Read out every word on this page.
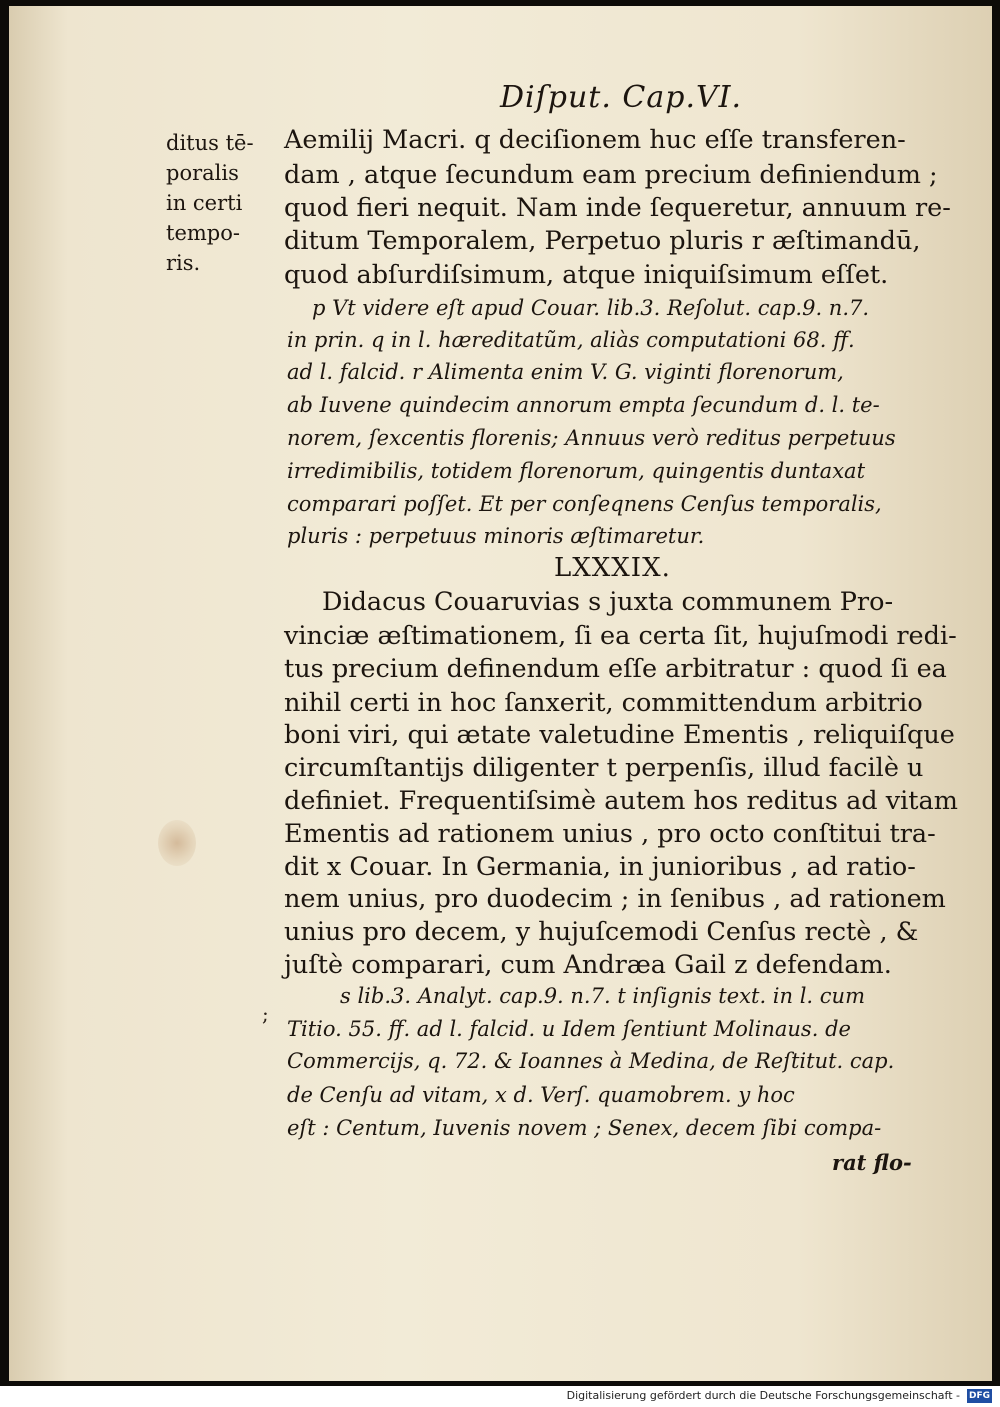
Diſput. Cap.VI.

ditus tē-
poralis
in certi
tempo-
ris.

Aemilij Macri. q deciſionem huc eſſe transferen-

dam , atque ſecundum eam precium definiendum ;

quod fieri nequit. Nam inde ſequeretur, annuum re-

ditum Temporalem, Perpetuo pluris r æſtimandū,

quod abſurdiſsimum, atque iniquiſsimum eſſet.

p Vt videre eſt apud Couar. lib.3. Reſolut. cap.9. n.7.

in prin. q in l. hæreditatũm, aliàs computationi 68. ff.

ad l. falcid. r Alimenta enim V. G. viginti florenorum,

ab Iuvene quindecim annorum empta ſecundum d. l. te-

norem, ſexcentis florenis; Annuus verò reditus perpetuus

irredimibilis, totidem florenorum, quingentis duntaxat

comparari poſſet. Et per conſeqnens Cenſus temporalis,

pluris : perpetuus minoris æſtimaretur.

LXXXIX.

Didacus Couaruvias s juxta communem Pro-

vinciæ æſtimationem, ſi ea certa ſit, hujuſmodi redi-

tus precium definendum eſſe arbitratur : quod ſi ea

nihil certi in hoc ſanxerit, committendum arbitrio

boni viri, qui ætate valetudine Ementis , reliquiſque

circumſtantijs diligenter t perpenſis, illud facilè u

definiet. Frequentiſsimè autem hos reditus ad vitam

Ementis ad rationem unius , pro octo conſtitui tra-

dit x Couar. In Germania, in junioribus , ad ratio-

nem unius, pro duodecim ; in ſenibus , ad rationem

unius pro decem, y hujuſcemodi Cenſus rectè , &

juſtè comparari, cum Andræa Gail z defendam.

;

s lib.3. Analyt. cap.9. n.7. t inſignis text. in l. cum

Titio. 55. ff. ad l. falcid. u Idem ſentiunt Molinaus. de

Commercijs, q. 72. & Ioannes à Medina, de Reſtitut. cap.

de Cenſu ad vitam, x d. Verſ. quamobrem. y hoc

eſt : Centum, Iuvenis novem ; Senex, decem ſibi compa-

rat flo-

Digitalisierung gefördert durch die Deutsche Forschungsgemeinschaft - DFG
